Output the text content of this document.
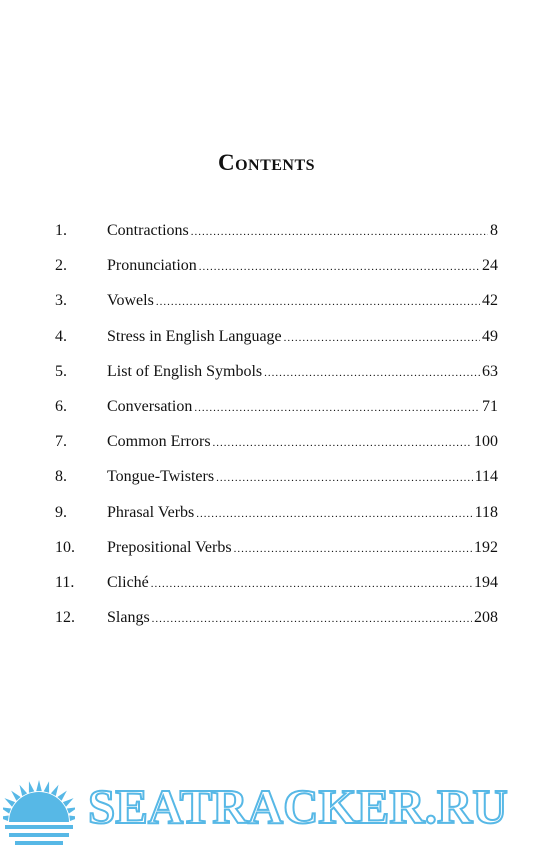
Contents
1.	Contractions .....	8
2.	Pronunciation .....	24
3.	Vowels .....	42
4.	Stress in English Language .....	49
5.	List of English Symbols .....	63
6.	Conversation .....	71
7.	Common Errors .....	100
8.	Tongue-Twisters .....	114
9.	Phrasal Verbs .....	118
10.	Prepositional Verbs .....	192
11.	Cliché .....	194
12.	Slangs .....	208
SEATRACKER.RU
